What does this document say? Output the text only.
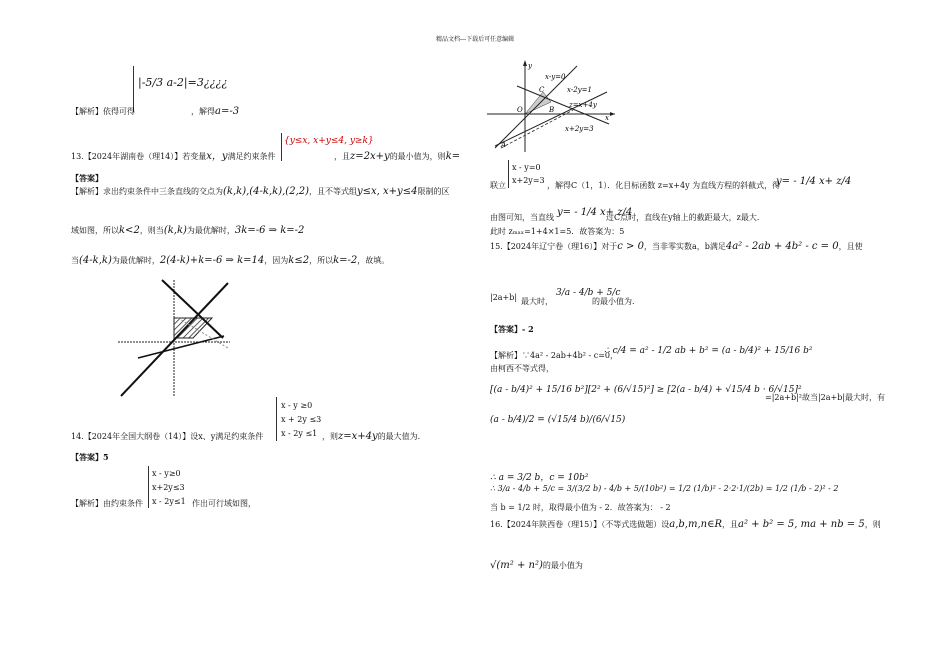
精品文档---下载后可任意编辑
|-5/3 a-2|=3¿¿¿¿
【解析】依得可得	，解得a=-3
13.【2024年湖南卷（理14）】若变量x，y满足约束条件
{y≤x, x+y≤4, y≥k}
，且z=2x+y的最小值为，则k=
【答案】
【解析】求出约束条件中三条直线的交点为(k,k),(4-k,k),(2,2)，且不等式组y≤x, x+y≤4限制的区
域如图，所以k<2，则当(k,k)为最优解时，3k=-6 ⇒ k=-2
当(4-k,k)为最优解时，2(4-k)+k=-6 ⇒ k=14，因为k≤2，所以k=-2，故填。
x - y ≥0
x + 2y ≤3
x - 2y ≤1
14.【2024年全国大纲卷（14）】设x、y满足约束条件	，则z=x+4y的最大值为.
【答案】5
x - y≥0
x+2y≤3
x - 2y≤1
【解析】由约束条件	作出可行域如图，
x-y=0
x-2y=1
C
z=x+4y
O	B
x
x+2y=3
A
y
x - y=0
x+2y=3
联立	，解得C（1，1）．化目标函数 z=x+4y 为直线方程的斜截式，得
y= - 1/4 x+ z/4
由图可知，当直线 y= - 1/4 x+ z/4
过C点时，直线在y轴上的截距最大，z最大．
此时 zₘₐₓ=1+4×1=5．故答案为：5
15.【2024年辽宁卷（理16）】对于c > 0，当非零实数a，b满足4a² - 2ab + 4b² - c = 0，且使
|2a+b| 最大时，
3/a - 4/b + 5/c
的最小值为.
【答案】- 2
【解析】∵4a² - 2ab+4b² - c=0，
∴ c/4 = a² - 1/2 ab + b² = (a - b/4)² + 15/16 b²
由柯西不等式得，
[(a - b/4)² + 15/16 b²][2² + (6/√15)²] ≥ [2(a - b/4) + √15/4 b · 6/√15]²
=|2a+b|²故当|2a+b|最大时，有
(a - b/4)/2 = (√15/4 b)/(6/√15)
∴ a = 3/2 b，c = 10b²
∴ 3/a - 4/b + 5/c = 3/(3/2 b) - 4/b + 5/(10b²) = 1/2 (1/b)² - 2·2·1/(2b) = 1/2 (1/b - 2)² - 2
当 b = 1/2 时，取得最小值为 - 2．故答案为： - 2
16.【2024年陕西卷（理15）】（不等式选做题）设a,b,m,n∈R，且a² + b² = 5, ma + nb = 5，则
√(m² + n²)的最小值为
